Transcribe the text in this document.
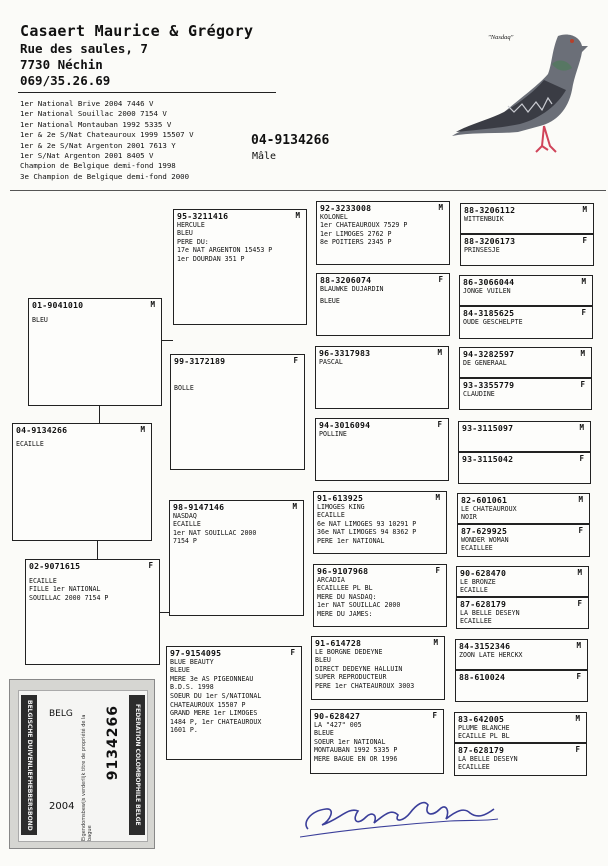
Casaert Maurice & Grégory
Rue des saules, 7
7730 Néchin
069/35.26.69
1er National Brive 2004 7446 V
1er National Souillac 2000 7154 V
1er National Montauban 1992 5335 V
1er & 2e S/Nat Chateauroux 1999 15507 V
1er & 2e S/Nat Argenton 2001 7613 Y
1er S/Nat Argenton 2001 8405 V
Champion de Belgique demi-fond 1998
3e Champion de Belgique demi-fond 2000
04-9134266
Mâle
"Nasdaq"
04-9134266	M
ECAILLE
01-9041010	M
BLEU
02-9071615	F
ECAILLE
FILLE 1er NATIONAL
SOUILLAC 2000 7154 P
95-3211416	M
HERCULE
BLEU
PERE DU:
17e NAT ARGENTON 15453 P
1er DOURDAN 351 P
99-3172189	F
BOLLE
98-9147146	M
NASDAQ
ECAILLE
1er NAT SOUILLAC 2000
7154 P
97-9154095	F
BLUE BEAUTY
BLEUE
MERE 3e AS PIGEONNEAU
B.D.S. 1998
SOEUR DU 1er S/NATIONAL
CHATEAUROUX 15507 P
GRAND MERE 1er LIMOGES
1484 P, 1er CHATEAUROUX
1601 P.
92-3233008	M
KOLONEL
1er CHATEAUROUX 7529 P
1er LIMOGES 2762 P
8e POITIERS 2345 P
88-3206074	F
BLAUWKE DUJARDIN
BLEUE
96-3317983	M
PASCAL
94-3016094	F
POLLINE
91-613925	M
LIMOGES KING
ECAILLE
6e NAT LIMOGES 93 10291 P
36e NAT LIMOGES 94 8362 P
PERE 1er NATIONAL
96-9107968	F
ARCADIA
ECAILLEE PL BL
MERE DU NASDAQ:
1er NAT SOUILLAC 2000
MERE DU JAMES:
91-614728	M
LE BORGNE DEDEYNE
BLEU
DIRECT DEDEYNE HALLUIN
SUPER REPRODUCTEUR
PERE 1er CHATEAUROUX 3003
90-628427	F
LA "427" 005
BLEUE
SOEUR 1er NATIONAL
MONTAUBAN 1992 5335 P
MERE BAGUE EN OR 1996
88-3206112	M
WITTENBUIK
88-3206173	F
PRINSESJE
86-3066044	M
JONGE VUILEN
84-3185625	F
OUDE GESCHELPTE
94-3282597	M
DE GENERAAL
93-3355779	F
CLAUDINE
93-3115097	M
93-3115042	F
82-601061	M
LE CHATEAUROUX
NOIR
87-629925	F
WONDER WOMAN
ECAILLEE
90-628470	M
LE BRONZE
ECAILLE
87-628179	F
LA BELLE DESEYN
ECAILLEE
84-3152346	M
ZOON LATE HERCKX
88-610024	F
83-642005	M
PLUME BLANCHE
ECAILLE PL BL
87-628179	F
LA BELLE DESEYN
ECAILLEE
BELGISCHE DUIVENLIEFHEBBERSBOND	FEDERATION COLOMBOPHILE BELGE
BELG
2004 Eigendomsbewijs verderlijk titre de propriété de la bague
9134266
